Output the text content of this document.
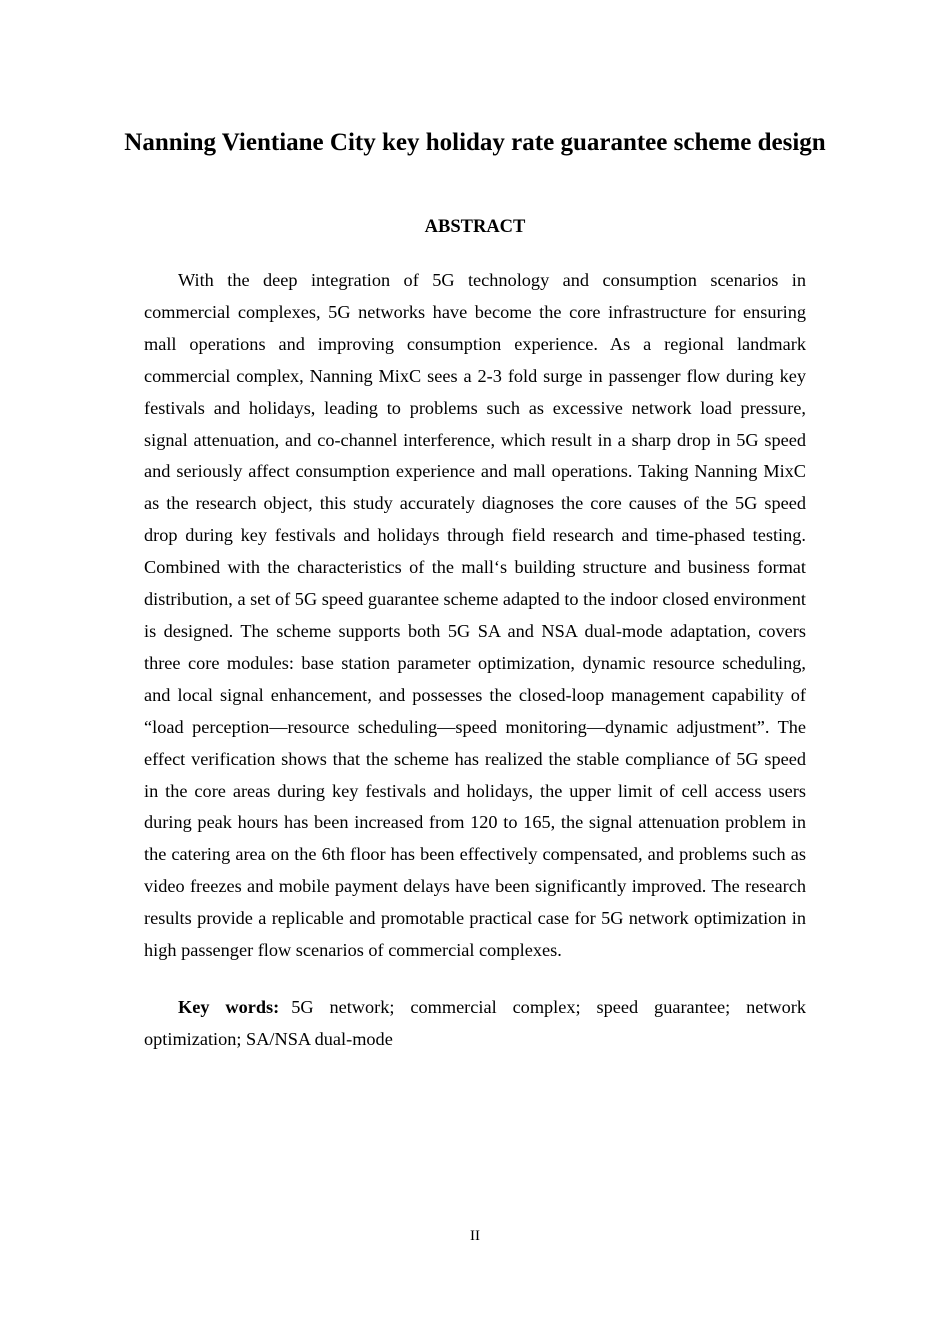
Nanning Vientiane City key holiday rate guarantee scheme design
ABSTRACT

With the deep integration of 5G technology and consumption scenarios in commercial complexes, 5G networks have become the core infrastructure for ensuring mall operations and improving consumption experience. As a regional landmark commercial complex, Nanning MixC sees a 2-3 fold surge in passenger flow during key festivals and holidays, leading to problems such as excessive network load pressure, signal attenuation, and co-channel interference, which result in a sharp drop in 5G speed and seriously affect consumption experience and mall operations. Taking Nanning MixC as the research object, this study accurately diagnoses the core causes of the 5G speed drop during key festivals and holidays through field research and time-phased testing. Combined with the characteristics of the mall‘s building structure and business format distribution, a set of 5G speed guarantee scheme adapted to the indoor closed environment is designed. The scheme supports both 5G SA and NSA dual-mode adaptation, covers three core modules: base station parameter optimization, dynamic resource scheduling, and local signal enhancement, and possesses the closed-loop management capability of “load perception—resource scheduling—speed monitoring—dynamic adjustment”. The effect verification shows that the scheme has realized the stable compliance of 5G speed in the core areas during key festivals and holidays, the upper limit of cell access users during peak hours has been increased from 120 to 165, the signal attenuation problem in the catering area on the 6th floor has been effectively compensated, and problems such as video freezes and mobile payment delays have been significantly improved. The research results provide a replicable and promotable practical case for 5G network optimization in high passenger flow scenarios of commercial complexes.

Key words: 5G network; commercial complex; speed guarantee; network optimization; SA/NSA dual-mode

II
